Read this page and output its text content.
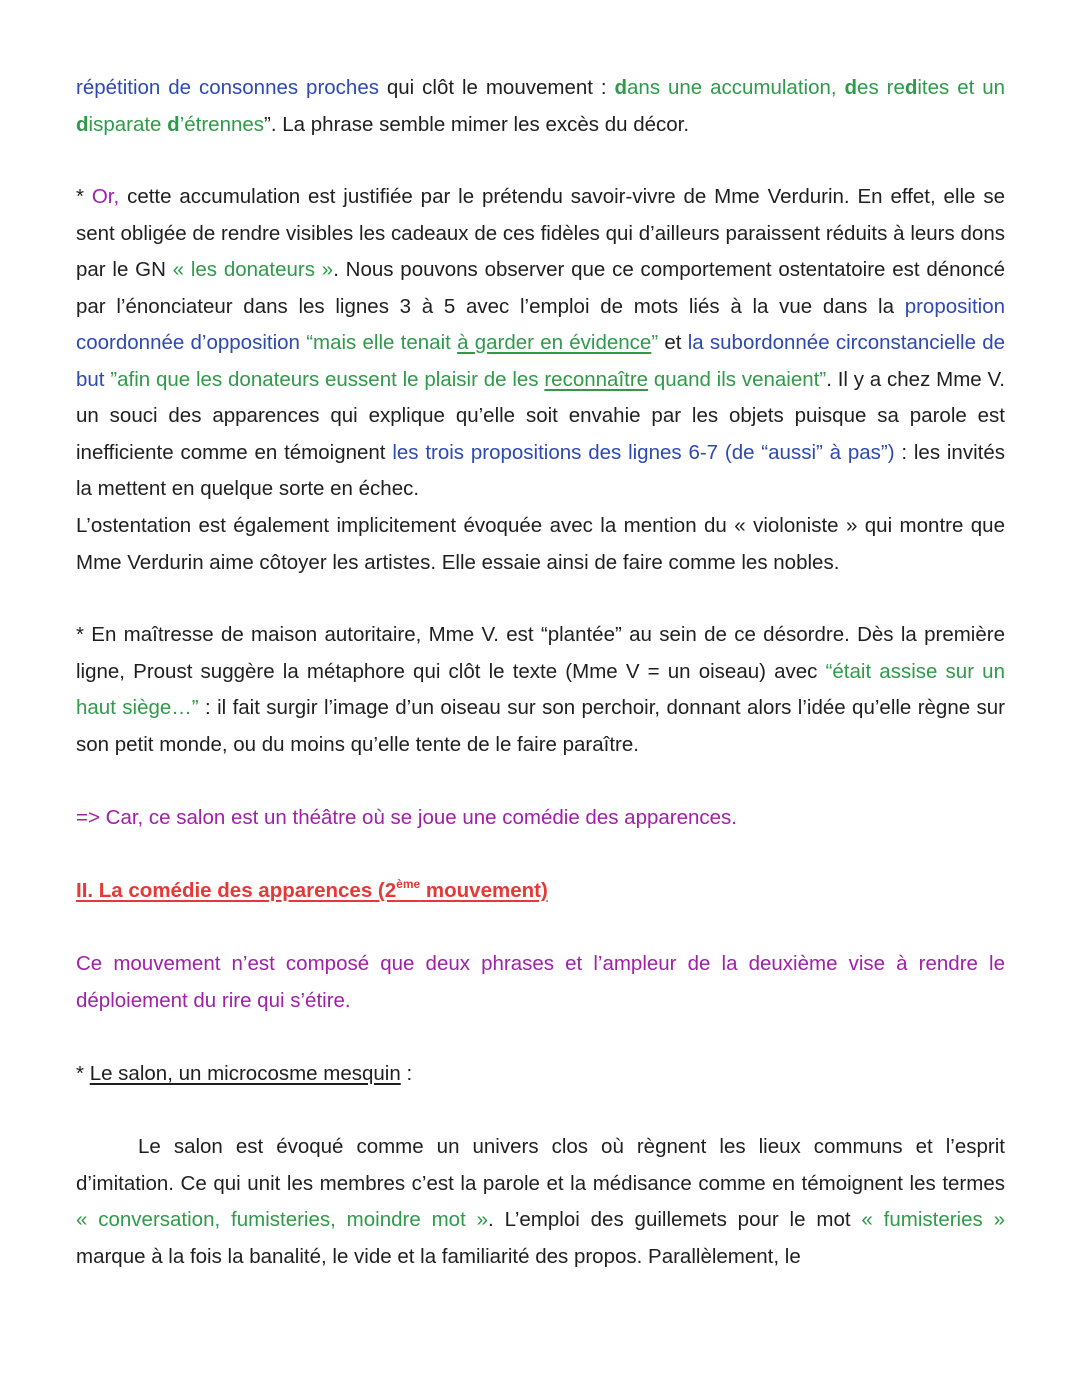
répétition de consonnes proches qui clôt le mouvement : dans une accumulation, des redites et un disparate d’étrennes”. La phrase semble mimer les excès du décor.

* Or, cette accumulation est justifiée par le prétendu savoir-vivre de Mme Verdurin. En effet, elle se sent obligée de rendre visibles les cadeaux de ces fidèles qui d’ailleurs paraissent réduits à leurs dons par le GN « les donateurs ». Nous pouvons observer que ce comportement ostentatoire est dénoncé par l’énonciateur dans les lignes 3 à 5 avec l’emploi de mots liés à la vue dans la proposition coordonnée d’opposition “mais elle tenait à garder en évidence” et la subordonnée circonstancielle de but ”afin que les donateurs eussent le plaisir de les reconnaître quand ils venaient”. Il y a chez Mme V. un souci des apparences qui explique qu’elle soit envahie par les objets puisque sa parole est inefficiente comme en témoignent les trois propositions des lignes 6-7 (de “aussi” à pas”) : les invités la mettent en quelque sorte en échec.

L’ostentation est également implicitement évoquée avec la mention du « violoniste » qui montre que Mme Verdurin aime côtoyer les artistes. Elle essaie ainsi de faire comme les nobles.

* En maîtresse de maison autoritaire, Mme V. est “plantée” au sein de ce désordre. Dès la première ligne, Proust suggère la métaphore qui clôt le texte (Mme V = un oiseau) avec “était assise sur un haut siège…” : il fait surgir l’image d’un oiseau sur son perchoir, donnant alors l’idée qu’elle règne sur son petit monde, ou du moins qu’elle tente de le faire paraître.

=> Car, ce salon est un théâtre où se joue une comédie des apparences.

II. La comédie des apparences (2ème mouvement)

Ce mouvement n’est composé que deux phrases et l’ampleur de la deuxième vise à rendre le déploiement du rire qui s’étire.

* Le salon, un microcosme mesquin :

Le salon est évoqué comme un univers clos où règnent les lieux communs et l’esprit d’imitation. Ce qui unit les membres c’est la parole et la médisance comme en témoignent les termes « conversation, fumisteries, moindre mot ». L’emploi des guillemets pour le mot « fumisteries » marque à la fois la banalité, le vide et la familiarité des propos. Parallèlement, le
